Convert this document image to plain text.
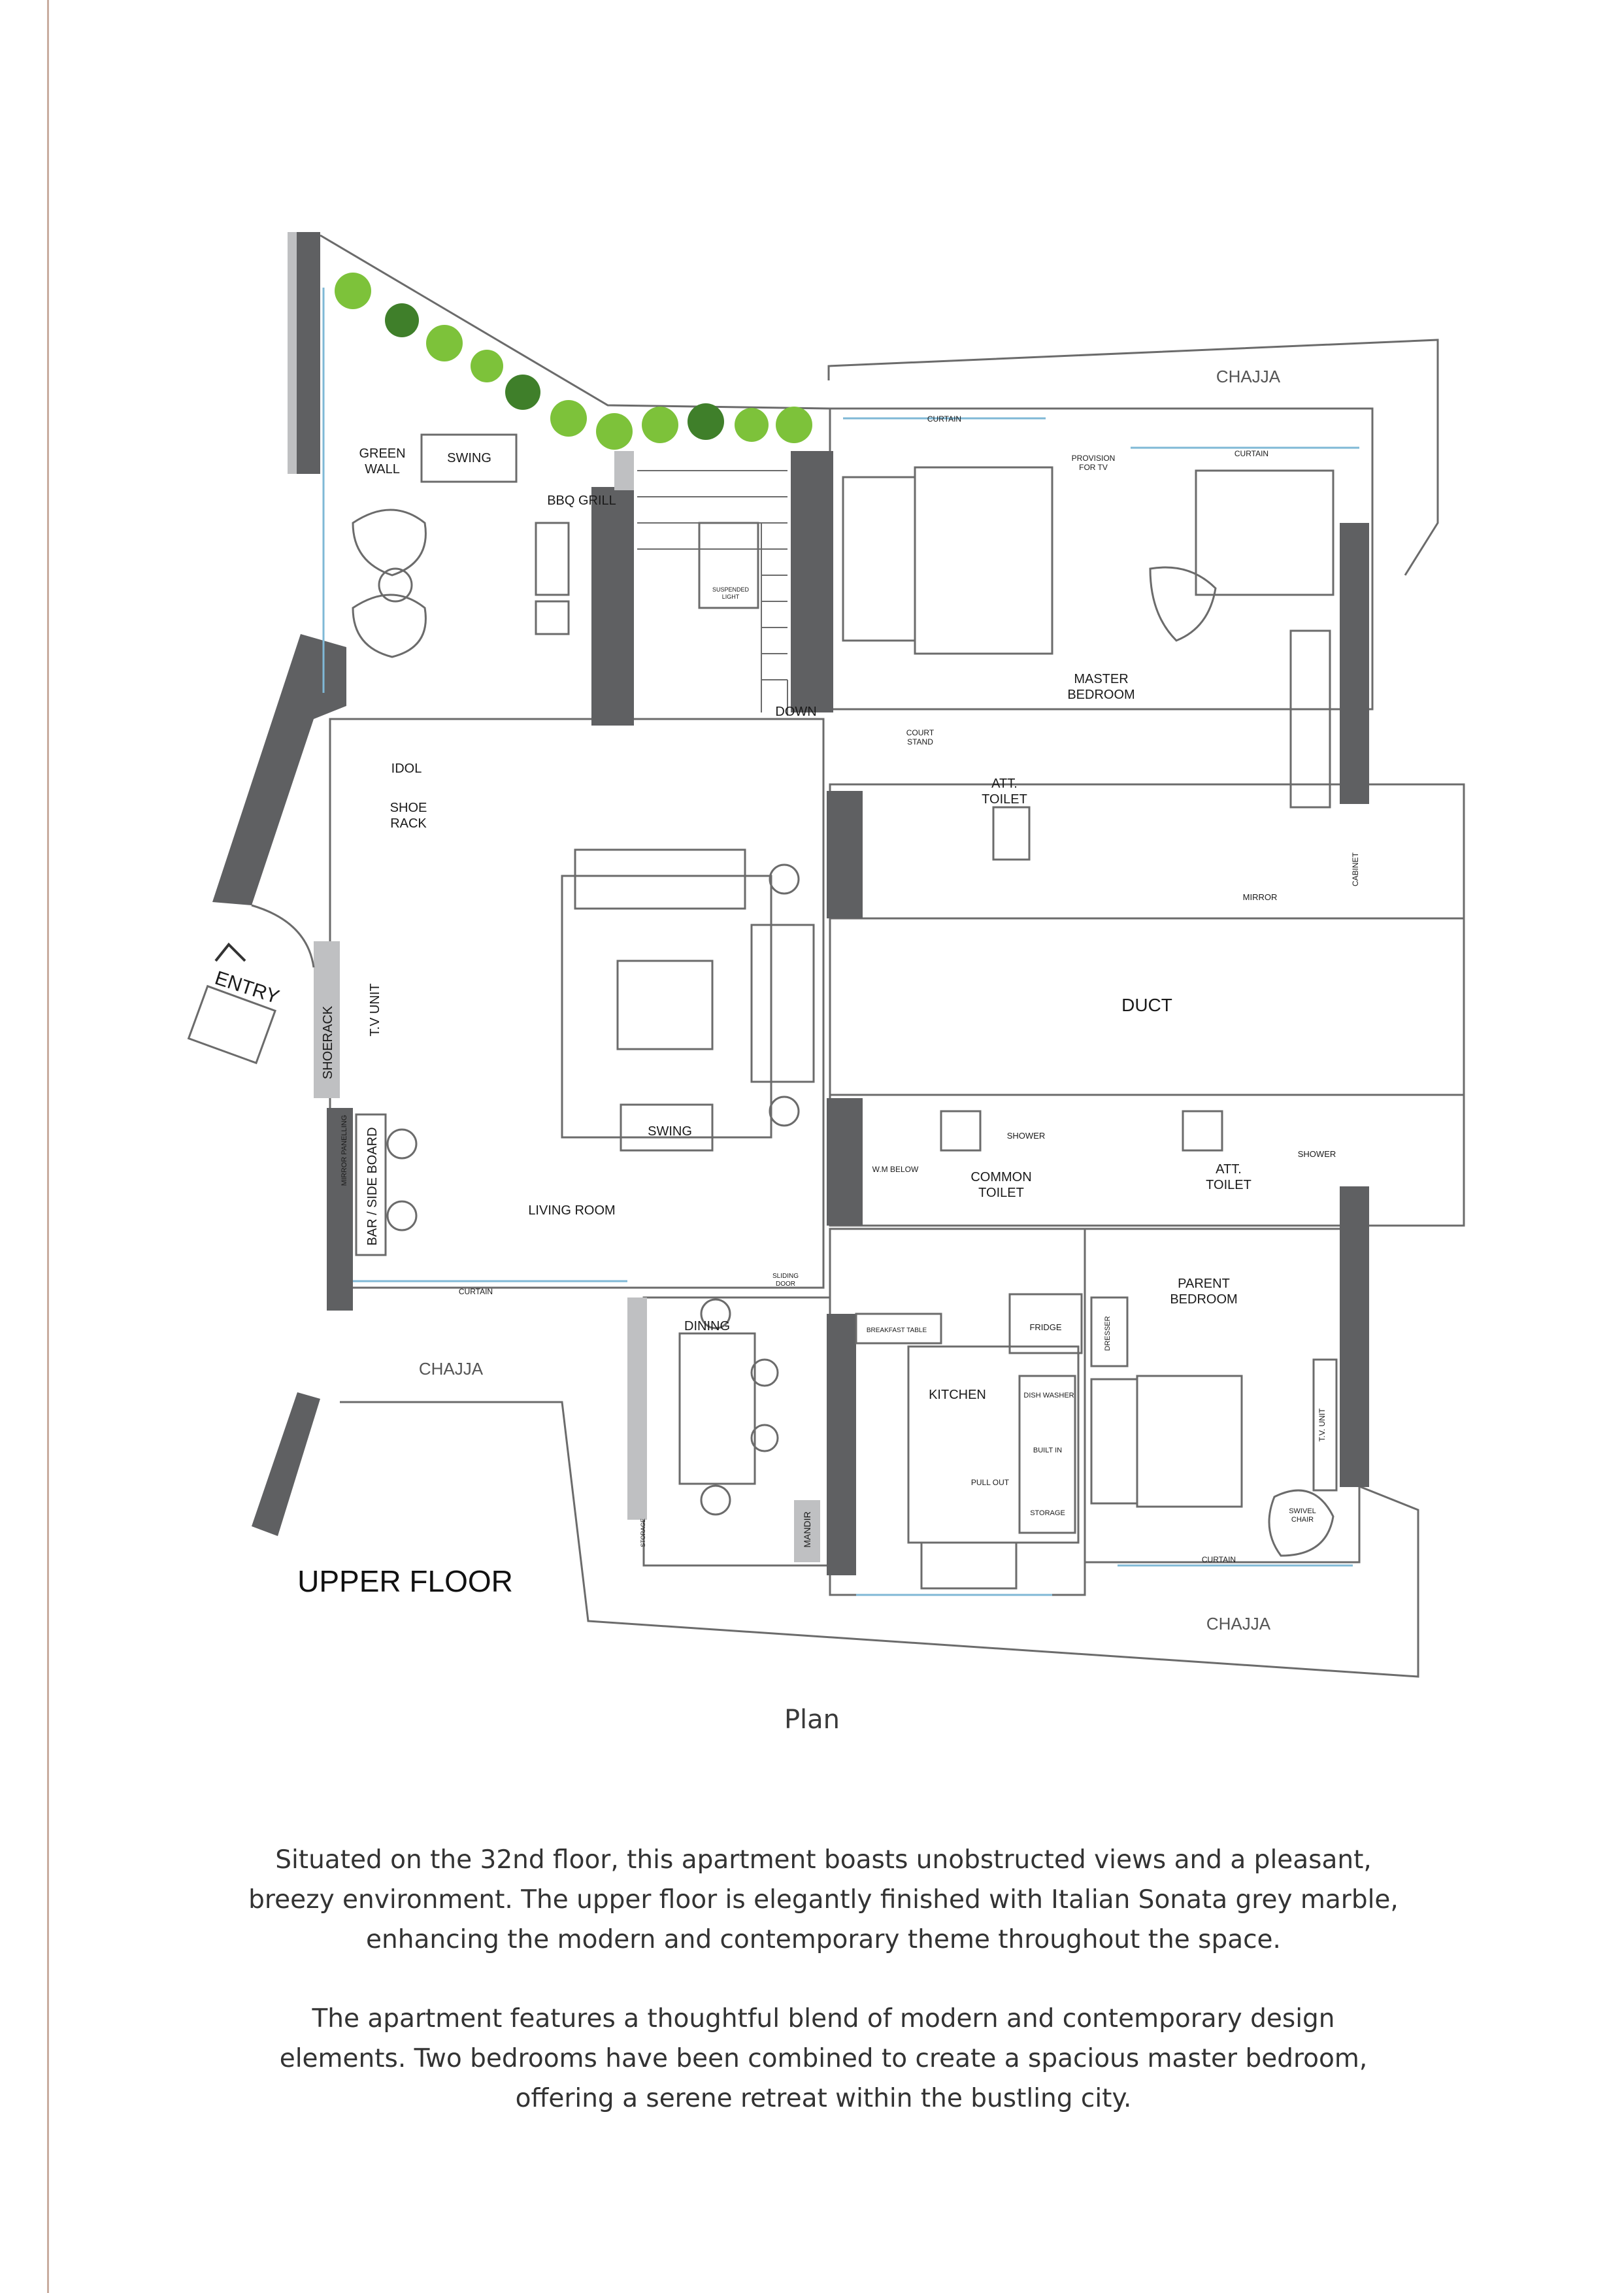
GREEN WALL
SWING
BBQ GRILL
SUSPENDED LIGHT
DOWN
COURT STAND
CHAJJA
CURTAIN
CURTAIN
PROVISION FOR TV
MASTER BEDROOM
ATT. TOILET
MIRROR
CABINET
IDOL
SHOE RACK
ENTRY
SHOERACK	T.V UNIT	DUCT
SWING
MIRROR PANELLING BAR / SIDE BOARD	LIVING ROOM
W.M BELOW
SHOWER
COMMON TOILET
ATT. TOILET
SHOWER
CURTAIN
SLIDING DOOR
CHAJJA
DINING	BREAKFAST TABLE	FRIDGE
KITCHEN	DISH WASHER
BUILT IN
PULL OUT
STORAGE
STORAGE	MANDIR
DRESSER
PARENT BEDROOM
T.V. UNIT
SWIVEL CHAIR
CURTAIN
CHAJJA
UPPER FLOOR
Plan
Situated on the 32nd floor, this apartment boasts unobstructed views and a pleasant, breezy environment. The upper floor is elegantly finished with Italian Sonata grey marble, enhancing the modern and contemporary theme throughout the space.
The apartment features a thoughtful blend of modern and contemporary design elements. Two bedrooms have been combined to create a spacious master bedroom, offering a serene retreat within the bustling city.
